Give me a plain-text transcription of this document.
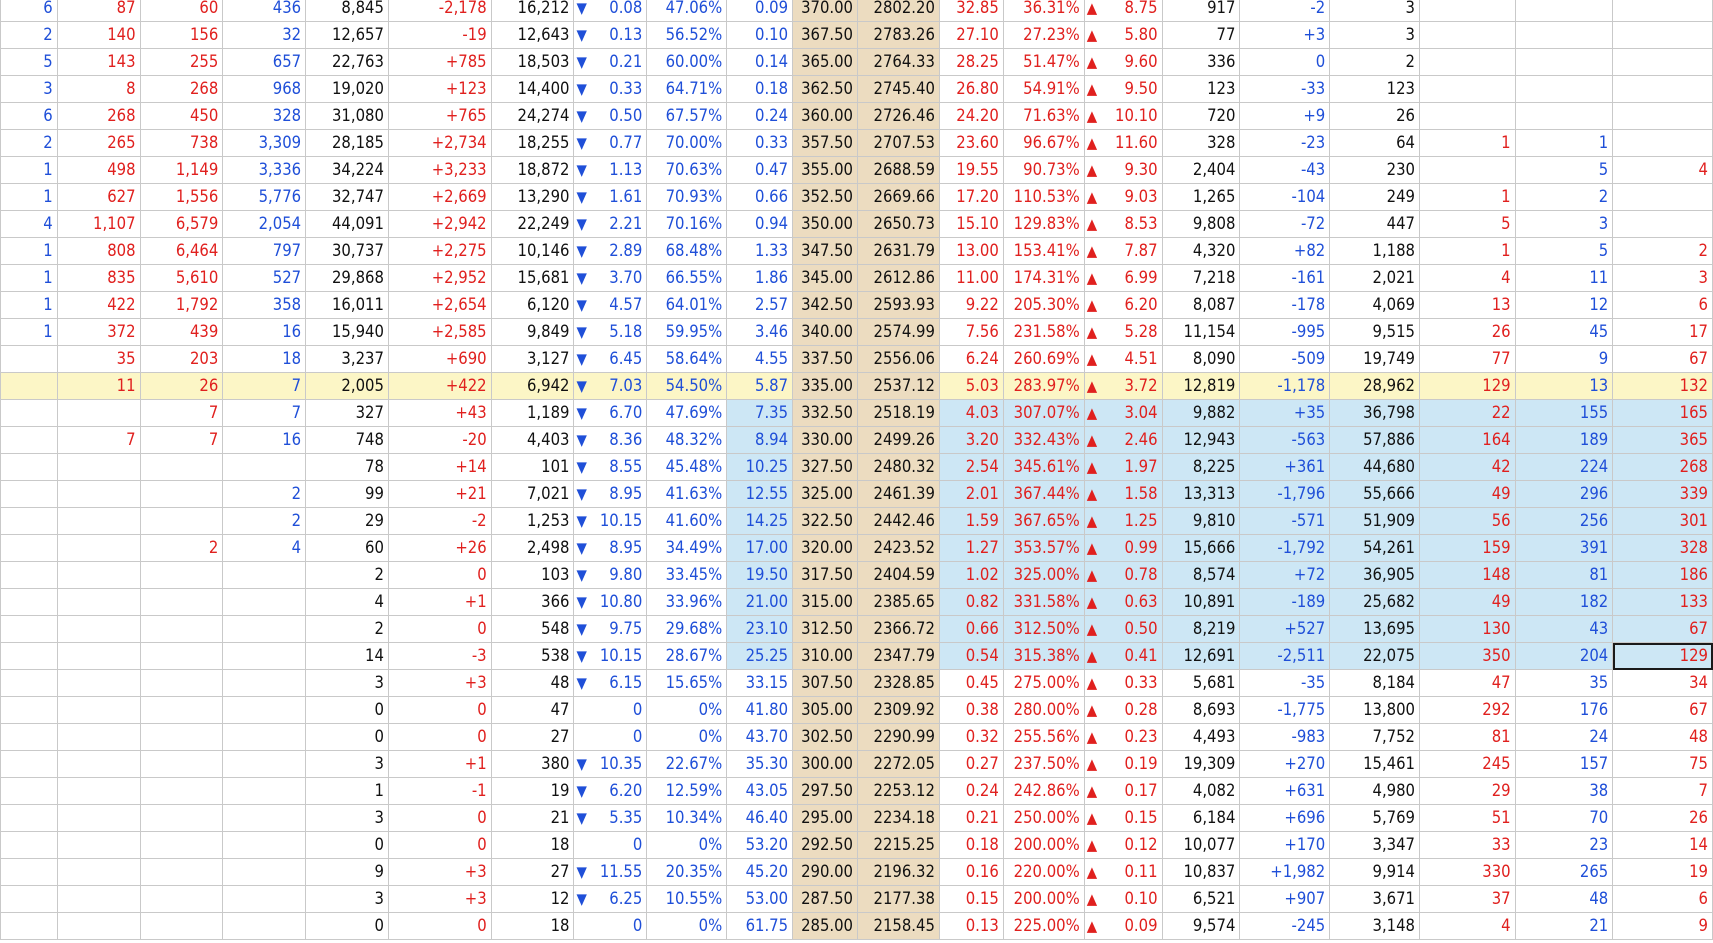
6	87	60	436	8,845	-2,178	16,212	▼ 0.08	47.06%	0.09	370.00	2802.20	32.85	36.31%	▲ 8.75	917	-2	3			
2	140	156	32	12,657	-19	12,643	▼ 0.13	56.52%	0.10	367.50	2783.26	27.10	27.23%	▲ 5.80	77	+3	3			
5	143	255	657	22,763	+785	18,503	▼ 0.21	60.00%	0.14	365.00	2764.33	28.25	51.47%	▲ 9.60	336	0	2			
3	8	268	968	19,020	+123	14,400	▼ 0.33	64.71%	0.18	362.50	2745.40	26.80	54.91%	▲ 9.50	123	-33	123			
6	268	450	328	31,080	+765	24,274	▼ 0.50	67.57%	0.24	360.00	2726.46	24.20	71.63%	▲ 10.10	720	+9	26			
2	265	738	3,309	28,185	+2,734	18,255	▼ 0.77	70.00%	0.33	357.50	2707.53	23.60	96.67%	▲ 11.60	328	-23	64	1	1	
1	498	1,149	3,336	34,224	+3,233	18,872	▼ 1.13	70.63%	0.47	355.00	2688.59	19.55	90.73%	▲ 9.30	2,404	-43	230		5	4
1	627	1,556	5,776	32,747	+2,669	13,290	▼ 1.61	70.93%	0.66	352.50	2669.66	17.20	110.53%	▲ 9.03	1,265	-104	249	1	2	
4	1,107	6,579	2,054	44,091	+2,942	22,249	▼ 2.21	70.16%	0.94	350.00	2650.73	15.10	129.83%	▲ 8.53	9,808	-72	447	5	3	
1	808	6,464	797	30,737	+2,275	10,146	▼ 2.89	68.48%	1.33	347.50	2631.79	13.00	153.41%	▲ 7.87	4,320	+82	1,188	1	5	2
1	835	5,610	527	29,868	+2,952	15,681	▼ 3.70	66.55%	1.86	345.00	2612.86	11.00	174.31%	▲ 6.99	7,218	-161	2,021	4	11	3
1	422	1,792	358	16,011	+2,654	6,120	▼ 4.57	64.01%	2.57	342.50	2593.93	9.22	205.30%	▲ 6.20	8,087	-178	4,069	13	12	6
1	372	439	16	15,940	+2,585	9,849	▼ 5.18	59.95%	3.46	340.00	2574.99	7.56	231.58%	▲ 5.28	11,154	-995	9,515	26	45	17
	35	203	18	3,237	+690	3,127	▼ 6.45	58.64%	4.55	337.50	2556.06	6.24	260.69%	▲ 4.51	8,090	-509	19,749	77	9	67
	11	26	7	2,005	+422	6,942	▼ 7.03	54.50%	5.87	335.00	2537.12	5.03	283.97%	▲ 3.72	12,819	-1,178	28,962	129	13	132
		7	7	327	+43	1,189	▼ 6.70	47.69%	7.35	332.50	2518.19	4.03	307.07%	▲ 3.04	9,882	+35	36,798	22	155	165
	7	7	16	748	-20	4,403	▼ 8.36	48.32%	8.94	330.00	2499.26	3.20	332.43%	▲ 2.46	12,943	-563	57,886	164	189	365
				78	+14	101	▼ 8.55	45.48%	10.25	327.50	2480.32	2.54	345.61%	▲ 1.97	8,225	+361	44,680	42	224	268
			2	99	+21	7,021	▼ 8.95	41.63%	12.55	325.00	2461.39	2.01	367.44%	▲ 1.58	13,313	-1,796	55,666	49	296	339
			2	29	-2	1,253	▼ 10.15	41.60%	14.25	322.50	2442.46	1.59	367.65%	▲ 1.25	9,810	-571	51,909	56	256	301
		2	4	60	+26	2,498	▼ 8.95	34.49%	17.00	320.00	2423.52	1.27	353.57%	▲ 0.99	15,666	-1,792	54,261	159	391	328
				2	0	103	▼ 9.80	33.45%	19.50	317.50	2404.59	1.02	325.00%	▲ 0.78	8,574	+72	36,905	148	81	186
				4	+1	366	▼ 10.80	33.96%	21.00	315.00	2385.65	0.82	331.58%	▲ 0.63	10,891	-189	25,682	49	182	133
				2	0	548	▼ 9.75	29.68%	23.10	312.50	2366.72	0.66	312.50%	▲ 0.50	8,219	+527	13,695	130	43	67
				14	-3	538	▼ 10.15	28.67%	25.25	310.00	2347.79	0.54	315.38%	▲ 0.41	12,691	-2,511	22,075	350	204	129
				3	+3	48	▼ 6.15	15.65%	33.15	307.50	2328.85	0.45	275.00%	▲ 0.33	5,681	-35	8,184	47	35	34
				0	0	47	0	0%	41.80	305.00	2309.92	0.38	280.00%	▲ 0.28	8,693	-1,775	13,800	292	176	67
				0	0	27	0	0%	43.70	302.50	2290.99	0.32	255.56%	▲ 0.23	4,493	-983	7,752	81	24	48
				3	+1	380	▼ 10.35	22.67%	35.30	300.00	2272.05	0.27	237.50%	▲ 0.19	19,309	+270	15,461	245	157	75
				1	-1	19	▼ 6.20	12.59%	43.05	297.50	2253.12	0.24	242.86%	▲ 0.17	4,082	+631	4,980	29	38	7
				3	0	21	▼ 5.35	10.34%	46.40	295.00	2234.18	0.21	250.00%	▲ 0.15	6,184	+696	5,769	51	70	26
				0	0	18	0	0%	53.20	292.50	2215.25	0.18	200.00%	▲ 0.12	10,077	+170	3,347	33	23	14
				9	+3	27	▼ 11.55	20.35%	45.20	290.00	2196.32	0.16	220.00%	▲ 0.11	10,837	+1,982	9,914	330	265	19
				3	+3	12	▼ 6.25	10.55%	53.00	287.50	2177.38	0.15	200.00%	▲ 0.10	6,521	+907	3,671	37	48	6
				0	0	18	0	0%	61.75	285.00	2158.45	0.13	225.00%	▲ 0.09	9,574	-245	3,148	4	21	9
